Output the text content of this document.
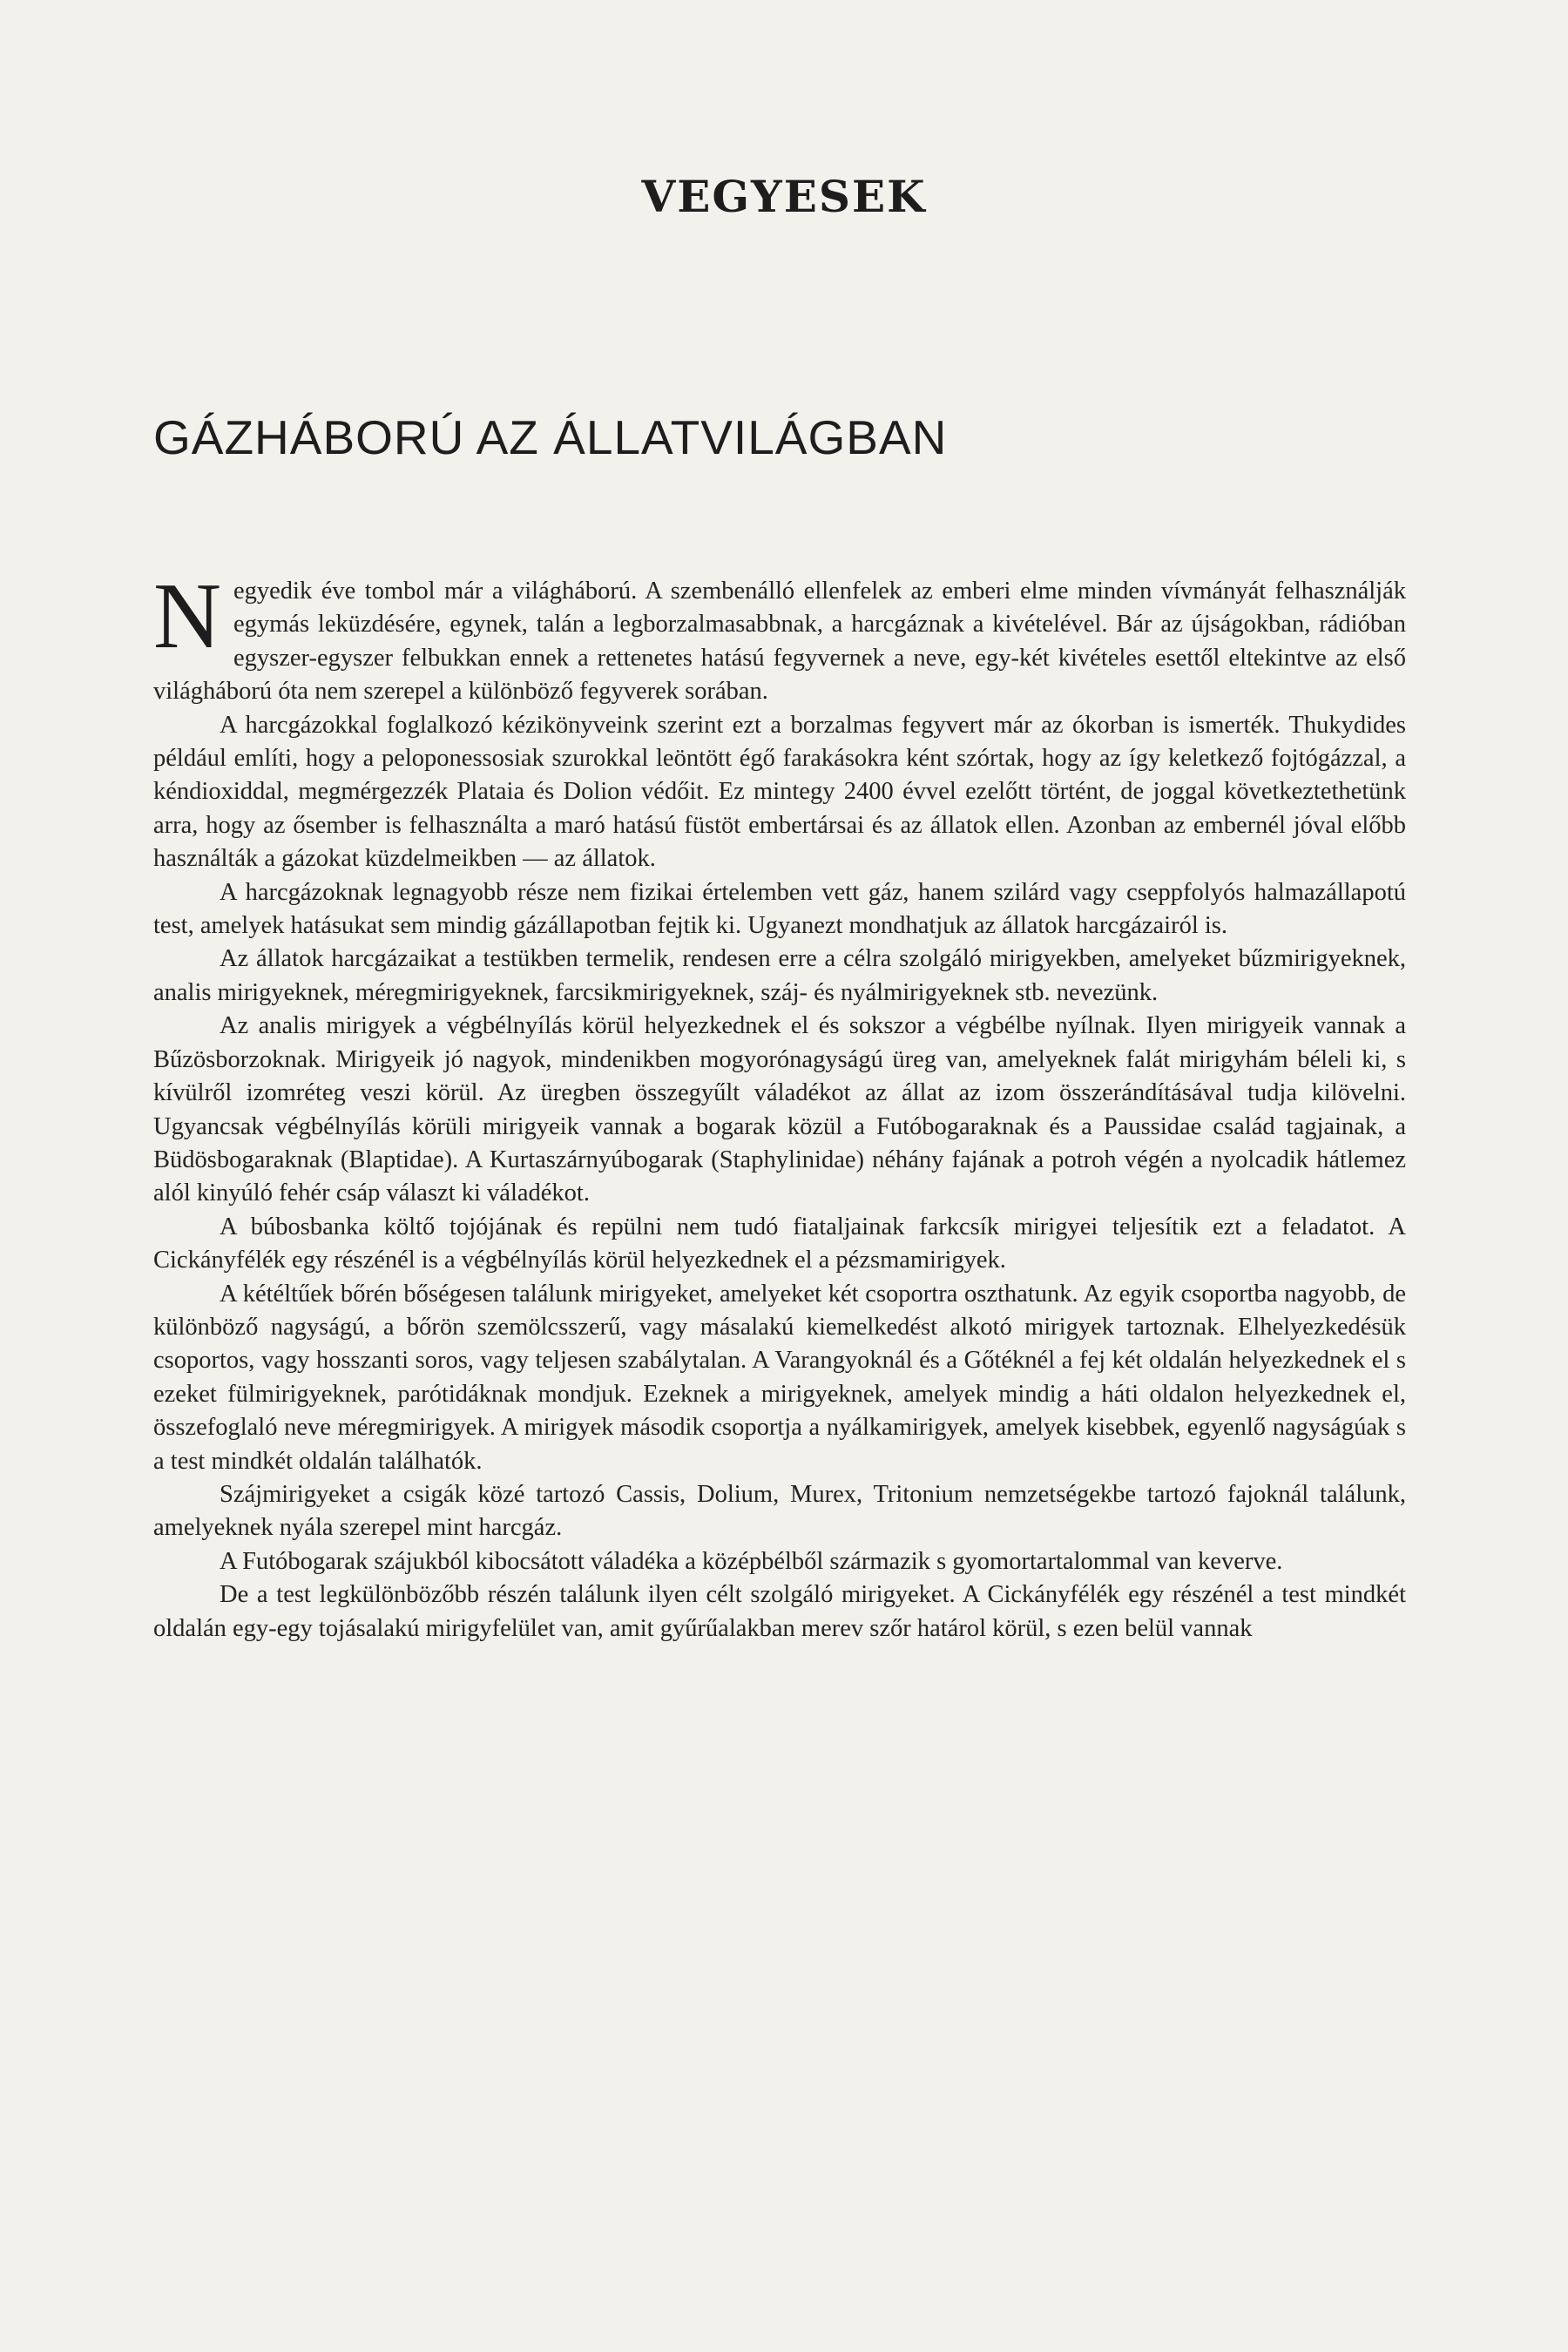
VEGYESEK
GÁZHÁBORÚ AZ ÁLLATVILÁGBAN

Negyedik éve tombol már a világháború. A szembenálló ellenfelek az emberi elme minden vívmányát felhasználják egymás leküzdésére, egynek, talán a legborzalmasabbnak, a harcgáznak a kivételével. Bár az újságokban, rádióban egyszer-egyszer felbukkan ennek a rettenetes hatású fegyvernek a neve, egy-két kivételes esettől eltekintve az első világháború óta nem szerepel a különböző fegyverek sorában.

A harcgázokkal foglalkozó kézikönyveink szerint ezt a borzalmas fegyvert már az ókorban is ismerték. Thukydides például említi, hogy a peloponessosiak szurokkal leöntött égő farakásokra ként szórtak, hogy az így keletkező fojtógázzal, a kéndioxiddal, megmérgezzék Plataia és Dolion védőit. Ez mintegy 2400 évvel ezelőtt történt, de joggal következtethetünk arra, hogy az ősember is felhasználta a maró hatású füstöt embertársai és az állatok ellen. Azonban az embernél jóval előbb használták a gázokat küzdelmeikben — az állatok.

A harcgázoknak legnagyobb része nem fizikai értelemben vett gáz, hanem szilárd vagy cseppfolyós halmazállapotú test, amelyek hatásukat sem mindig gázállapotban fejtik ki. Ugyanezt mondhatjuk az állatok harcgázairól is.

Az állatok harcgázaikat a testükben termelik, rendesen erre a célra szolgáló mirigyekben, amelyeket bűzmirigyeknek, analis mirigyeknek, méregmirigyeknek, farcsikmirigyeknek, száj- és nyálmirigyeknek stb. nevezünk.

Az analis mirigyek a végbélnyílás körül helyezkednek el és sokszor a végbélbe nyílnak. Ilyen mirigyeik vannak a Bűzösborzoknak. Mirigyeik jó nagyok, mindenikben mogyorónagyságú üreg van, amelyeknek falát mirigyhám béleli ki, s kívülről izomréteg veszi körül. Az üregben összegyűlt váladékot az állat az izom összerándításával tudja kilövelni. Ugyancsak végbélnyílás körüli mirigyeik vannak a bogarak közül a Futóbogaraknak és a Paussidae család tagjainak, a Büdösbogaraknak (Blaptidae). A Kurtaszárnyúbogarak (Staphylinidae) néhány fajának a potroh végén a nyolcadik hátlemez alól kinyúló fehér csáp választ ki váladékot.

A búbosbanka költő tojójának és repülni nem tudó fiataljainak farkcsík mirigyei teljesítik ezt a feladatot. A Cickányfélék egy részénél is a végbélnyílás körül helyezkednek el a pézsmamirigyek.

A kétéltűek bőrén bőségesen találunk mirigyeket, amelyeket két csoportra oszthatunk. Az egyik csoportba nagyobb, de különböző nagyságú, a bőrön szemölcsszerű, vagy másalakú kiemelkedést alkotó mirigyek tartoznak. Elhelyezkedésük csoportos, vagy hosszanti soros, vagy teljesen szabálytalan. A Varangyoknál és a Gőtéknél a fej két oldalán helyezkednek el s ezeket fülmirigyeknek, parótidáknak mondjuk. Ezeknek a mirigyeknek, amelyek mindig a háti oldalon helyezkednek el, összefoglaló neve méregmirigyek. A mirigyek második csoportja a nyálkamirigyek, amelyek kisebbek, egyenlő nagyságúak s a test mindkét oldalán találhatók.

Szájmirigyeket a csigák közé tartozó Cassis, Dolium, Murex, Tritonium nemzetségekbe tartozó fajoknál találunk, amelyeknek nyála szerepel mint harcgáz.

A Futóbogarak szájukból kibocsátott váladéka a középbélből származik s gyomortartalommal van keverve.

De a test legkülönbözőbb részén találunk ilyen célt szolgáló mirigyeket. A Cickányfélék egy részénél a test mindkét oldalán egy-egy tojásalakú mirigyfelület van, amit gyűrűalakban merev szőr határol körül, s ezen belül vannak
